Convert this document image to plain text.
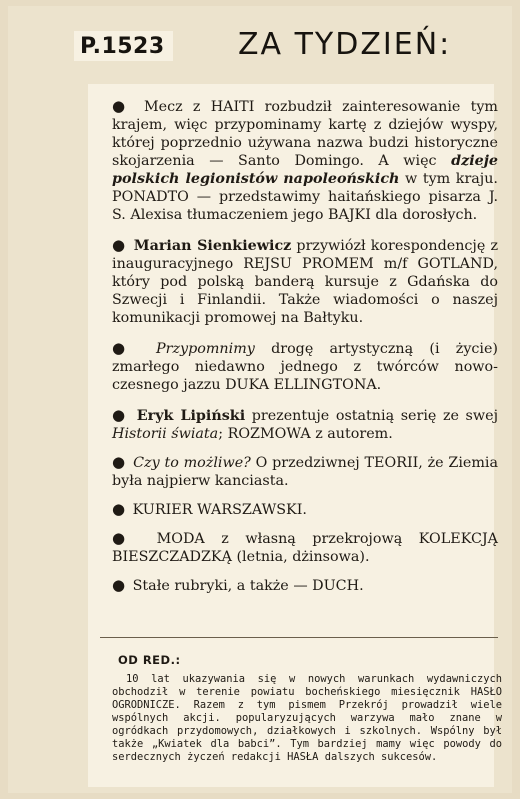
P.1523 ZA TYDZIEŃ:

● Mecz z HAITI rozbudził zainteresowanie tym krajem, więc przypominamy kartę z dziejów wyspy, której poprzednio używana nazwa budzi historyczne skojarzenia — Santo Domingo. A więc dzieje polskich legionistów napoleońskich w tym kraju. PONADTO — przedstawimy haitańskiego pisarza J. S. Alexisa tłumaczeniem jego BAJKI dla dorosłych.

● Marian Sienkiewicz przywiózł korespondencję z inauguracyjnego REJSU PROMEM m/f GOTLAND, który pod polską banderą kursuje z Gdańska do Szwecji i Finlandii. Także wiadomości o naszej komunikacji promowej na Bałtyku.

● Przypomnimy drogę artystyczną (i życie) zmarłego niedawno jednego z twórców nowoczesnego jazzu DUKA ELLINGTONA.

● Eryk Lipiński prezentuje ostatnią serię ze swej Historii świata; ROZMOWA z autorem.

● Czy to możliwe? O przedziwnej TEORII, że Ziemia była najpierw kanciasta.

● KURIER WARSZAWSKI.

● MODA z własną przekrojową KOLEKCJĄ BIESZCZADZKĄ (letnia, dżinsowa).

● Stałe rubryki, a także — DUCH.

OD RED.:

10 lat ukazywania się w nowych warunkach wydawniczych obchodził w terenie powiatu bocheńskiego miesięcznik HASŁO OGRODNICZE. Razem z tym pismem Przekrój prowadził wiele wspólnych akcji. popularyzujących warzywa mało znane w ogródkach przydomowych, działkowych i szkolnych. Wspólny był także „Kwiatek dla babci”. Tym bardziej mamy więc powody do serdecznych życzeń redakcji HASŁA dalszych sukcesów.
